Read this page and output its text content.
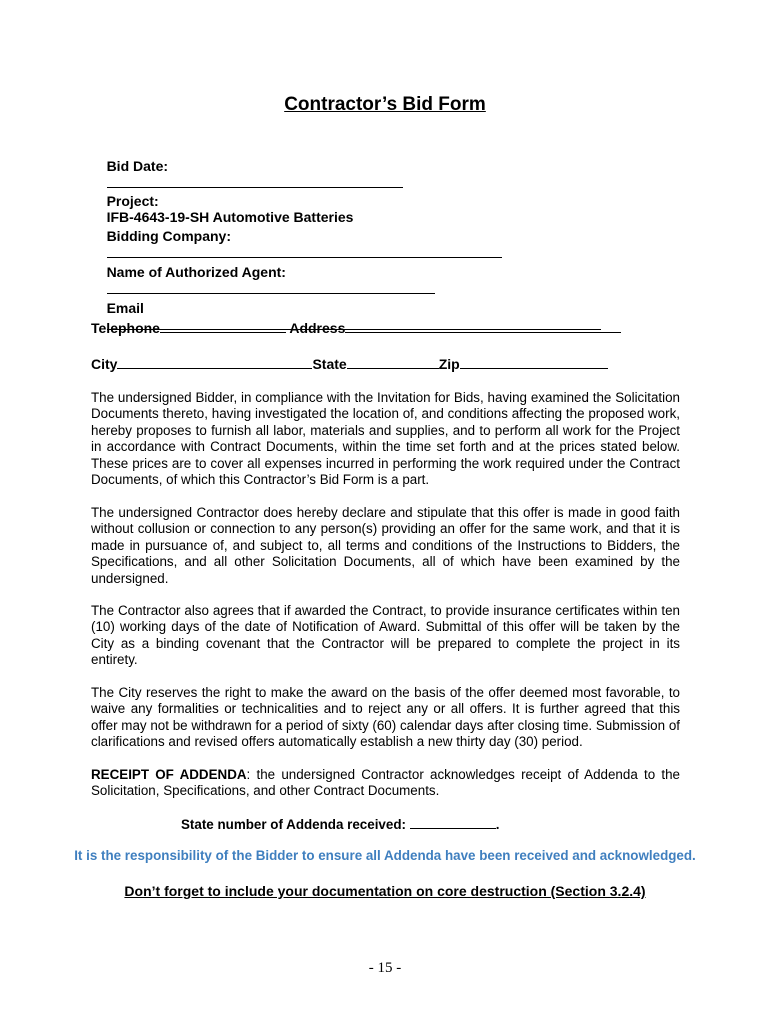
Contractor’s Bid Form

Bid Date:

Project:
IFB-4643-19-SH Automotive Batteries

Bidding Company:

Name of Authorized Agent:

Email

Telephone	Address
City	State	Zip

The undersigned Bidder, in compliance with the Invitation for Bids, having examined the Solicitation Documents thereto, having investigated the location of, and conditions affecting the proposed work, hereby proposes to furnish all labor, materials and supplies, and to perform all work for the Project in accordance with Contract Documents, within the time set forth and at the prices stated below. These prices are to cover all expenses incurred in performing the work required under the Contract Documents, of which this Contractor’s Bid Form is a part.

The undersigned Contractor does hereby declare and stipulate that this offer is made in good faith without collusion or connection to any person(s) providing an offer for the same work, and that it is made in pursuance of, and subject to, all terms and conditions of the Instructions to Bidders, the Specifications, and all other Solicitation Documents, all of which have been examined by the undersigned.

The Contractor also agrees that if awarded the Contract, to provide insurance certificates within ten (10) working days of the date of Notification of Award. Submittal of this offer will be taken by the City as a binding covenant that the Contractor will be prepared to complete the project in its entirety.

The City reserves the right to make the award on the basis of the offer deemed most favorable, to waive any formalities or technicalities and to reject any or all offers. It is further agreed that this offer may not be withdrawn for a period of sixty (60) calendar days after closing time. Submission of clarifications and revised offers automatically establish a new thirty day (30) period.

RECEIPT OF ADDENDA: the undersigned Contractor acknowledges receipt of Addenda to the Solicitation, Specifications, and other Contract Documents.

State number of Addenda received:	.

It is the responsibility of the Bidder to ensure all Addenda have been received and acknowledged.

Don’t forget to include your documentation on core destruction (Section 3.2.4)

- 15 -
